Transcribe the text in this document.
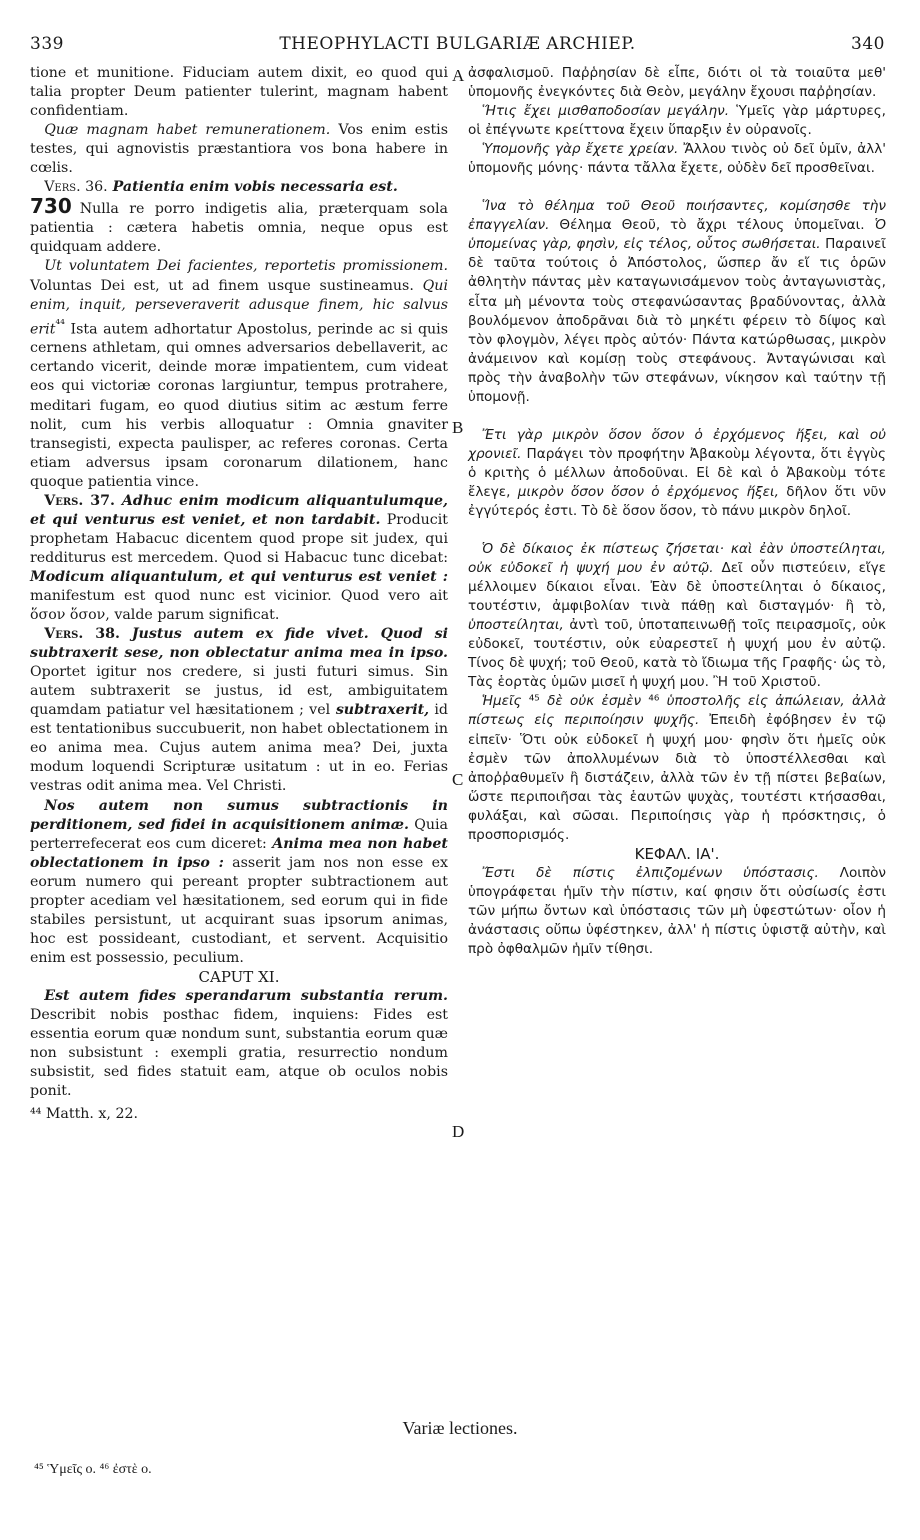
339	THEOPHYLACTI BULGARIÆ ARCHIEP.	340
A
B
C
D

tione et munitione. Fiduciam autem dixit, eo quod qui talia propter Deum patienter tulerint, magnam habent confidentiam.

 Quæ magnam habet remunerationem. Vos enim estis testes, qui agnovistis præstantiora vos bona habere in cœlis.

 Vers. 36. Patientia enim vobis necessaria est.
730 Nulla re porro indigetis alia, præterquam sola patientia : cætera habetis omnia, neque opus est quidquam addere.

 Ut voluntatem Dei facientes, reportetis promissionem. Voluntas Dei est, ut ad finem usque sustineamus. Qui enim, inquit, perseveraverit adusque finem, hic salvus erit$^{^{44}}$ Ista autem adhortatur Apostolus, perinde ac si quis cernens athletam, qui omnes adversarios debellaverit, ac certando vicerit, deinde moræ impatientem, cum videat eos qui victoriæ coronas largiuntur, tempus protrahere, meditari fugam, eo quod diutius sitim ac æstum ferre nolit, cum his verbis alloquatur : Omnia gnaviter transegisti, expecta paulisper, ac referes coronas. Certa etiam adversus ipsam coronarum dilationem, hanc quoque patientia vince.

 Vers. 37. Adhuc enim modicum aliquantulumque, et qui venturus est veniet, et non tardabit. Producit prophetam Habacuc dicentem quod prope sit judex, qui redditurus est mercedem. Quod si Habacuc tunc dicebat: Modicum aliquantulum, et qui venturus est veniet : manifestum est quod nunc est vicinior. Quod vero ait ὅσον ὅσον, valde parum significat.

 Vers. 38. Justus autem ex fide vivet. Quod si subtraxerit sese, non oblectatur anima mea in ipso. Oportet igitur nos credere, si justi futuri simus. Sin autem subtraxerit se justus, id est, ambiguitatem quamdam patiatur vel hæsitationem ; vel subtraxerit, id est tentationibus succubuerit, non habet oblectationem in eo anima mea. Cujus autem anima mea? Dei, juxta modum loquendi Scripturæ usitatum : ut in eo. Ferias vestras odit anima mea. Vel Christi.

 Nos autem non sumus subtractionis in perditionem, sed fidei in acquisitionem animæ. Quia perterrefecerat eos cum diceret: Anima mea non habet oblectationem in ipso : asserit jam nos non esse ex eorum numero qui pereant propter subtractionem aut propter acediam vel hæsitationem, sed eorum qui in fide stabiles persistunt, ut acquirant suas ipsorum animas, hoc est possideant, custodiant, et servent. Acquisitio enim est possessio, peculium.

CAPUT XI.

 Est autem fides sperandarum substantia rerum. Describit nobis posthac fidem, inquiens: Fides est essentia eorum quæ nondum sunt, substantia eorum quæ non subsistunt : exempli gratia, resurrectio nondum subsistit, sed fides statuit eam, atque ob oculos nobis ponit.

⁴⁴ Matth. x, 22.

ἀσφαλισμοῦ. Παῤῥησίαν δὲ εἶπε, διότι οἱ τὰ τοιαῦτα μεθ' ὑπομονῆς ἐνεγκόντες διὰ Θεὸν, μεγάλην ἔχουσι παῤῥησίαν.

 Ἥτις ἔχει μισθαποδοσίαν μεγάλην. Ὑμεῖς γὰρ μάρτυρες, οἱ ἐπέγνωτε κρείττονα ἔχειν ὕπαρξιν ἐν οὐρανοῖς.

 Ὑπομονῆς γὰρ ἔχετε χρείαν. Ἄλλου τινὸς οὐ δεῖ ὑμῖν, ἀλλ' ὑπομονῆς μόνης· πάντα τἄλλα ἔχετε, οὐδὲν δεῖ προσθεῖναι.

 Ἵνα τὸ θέλημα τοῦ Θεοῦ ποιήσαντες, κομίσησθε τὴν ἐπαγγελίαν. Θέλημα Θεοῦ, τὸ ἄχρι τέλους ὑπομεῖναι. Ὁ ὑπομείνας γὰρ, φησὶν, εἰς τέλος, οὗτος σωθήσεται. Παραινεῖ δὲ ταῦτα τούτοις ὁ Ἀπόστολος, ὥσπερ ἄν εἴ τις ὁρῶν ἀθλητὴν πάντας μὲν καταγωνισάμενον τοὺς ἀνταγωνιστὰς, εἶτα μὴ μένοντα τοὺς στεφανώσαντας βραδύνοντας, ἀλλὰ βουλόμενον ἀποδρᾶναι διὰ τὸ μηκέτι φέρειν τὸ δίψος καὶ τὸν φλογμὸν, λέγει πρὸς αὐτόν· Πάντα κατώρθωσας, μικρὸν ἀνάμεινον καὶ κομίσῃ τοὺς στεφάνους. Ἀνταγώνισαι καὶ πρὸς τὴν ἀναβολὴν τῶν στεφάνων, νίκησον καὶ ταύτην τῇ ὑπομονῇ.

 Ἔτι γὰρ μικρὸν ὅσον ὅσον ὁ ἐρχόμενος ἥξει, καὶ οὐ χρονιεῖ. Παράγει τὸν προφήτην Ἀβακοὺμ λέγοντα, ὅτι ἐγγὺς ὁ κριτὴς ὁ μέλλων ἀποδοῦναι. Εἰ δὲ καὶ ὁ Ἀβακοὺμ τότε ἔλεγε, μικρὸν ὅσον ὅσον ὁ ἐρχόμενος ἥξει, δῆλον ὅτι νῦν ἐγγύτερός ἐστι. Τὸ δὲ ὅσον ὅσον, τὸ πάνυ μικρὸν δηλοῖ.

 Ὁ δὲ δίκαιος ἐκ πίστεως ζήσεται· καὶ ἐὰν ὑποστείληται, οὐκ εὐδοκεῖ ἡ ψυχή μου ἐν αὐτῷ. Δεῖ οὖν πιστεύειν, εἴγε μέλλοιμεν δίκαιοι εἶναι. Ἐὰν δὲ ὑποστείληται ὁ δίκαιος, τουτέστιν, ἀμφιβολίαν τινὰ πάθῃ καὶ δισταγμόν· ἢ τὸ, ὑποστείληται, ἀντὶ τοῦ, ὑποταπεινωθῇ τοῖς πειρασμοῖς, οὐκ εὐδοκεῖ, τουτέστιν, οὐκ εὐαρεστεῖ ἡ ψυχή μου ἐν αὐτῷ. Τίνος δὲ ψυχή; τοῦ Θεοῦ, κατὰ τὸ ἴδιωμα τῆς Γραφῆς· ὡς τὸ, Τὰς ἑορτὰς ὑμῶν μισεῖ ἡ ψυχή μου. Ἢ τοῦ Χριστοῦ.

 Ἡμεῖς ⁴⁵ δὲ οὐκ ἐσμὲν ⁴⁶ ὑποστολῆς εἰς ἀπώλειαν, ἀλλὰ πίστεως εἰς περιποίησιν ψυχῆς. Ἐπειδὴ ἐφόβησεν ἐν τῷ εἰπεῖν· Ὅτι οὐκ εὐδοκεῖ ἡ ψυχή μου· φησὶν ὅτι ἡμεῖς οὐκ ἐσμὲν τῶν ἀπολλυμένων διὰ τὸ ὑποστέλλεσθαι καὶ ἀποῤῥαθυμεῖν ἢ διστάζειν, ἀλλὰ τῶν ἐν τῇ πίστει βεβαίων, ὥστε περιποιῆσαι τὰς ἑαυτῶν ψυχὰς, τουτέστι κτήσασθαι, φυλάξαι, καὶ σῶσαι. Περιποίησις γὰρ ἡ πρόσκτησις, ὁ προσπορισμός.

ΚΕΦΑΛ. ΙΑ'.

 Ἔστι δὲ πίστις ἐλπιζομένων ὑπόστασις. Λοιπὸν ὑπογράφεται ἡμῖν τὴν πίστιν, καί φησιν ὅτι οὐσίωσίς ἐστι τῶν μήπω ὄντων καὶ ὑπόστασις τῶν μὴ ὑφεστώτων· οἷον ἡ ἀνάστασις οὔπω ὑφέστηκεν, ἀλλ' ἡ πίστις ὑφιστᾷ αὐτὴν, καὶ πρὸ ὀφθαλμῶν ἡμῖν τίθησι.

Variæ lectiones.
⁴⁵ Ὑμεῖς ο. ⁴⁶ ἐστὲ ο.
